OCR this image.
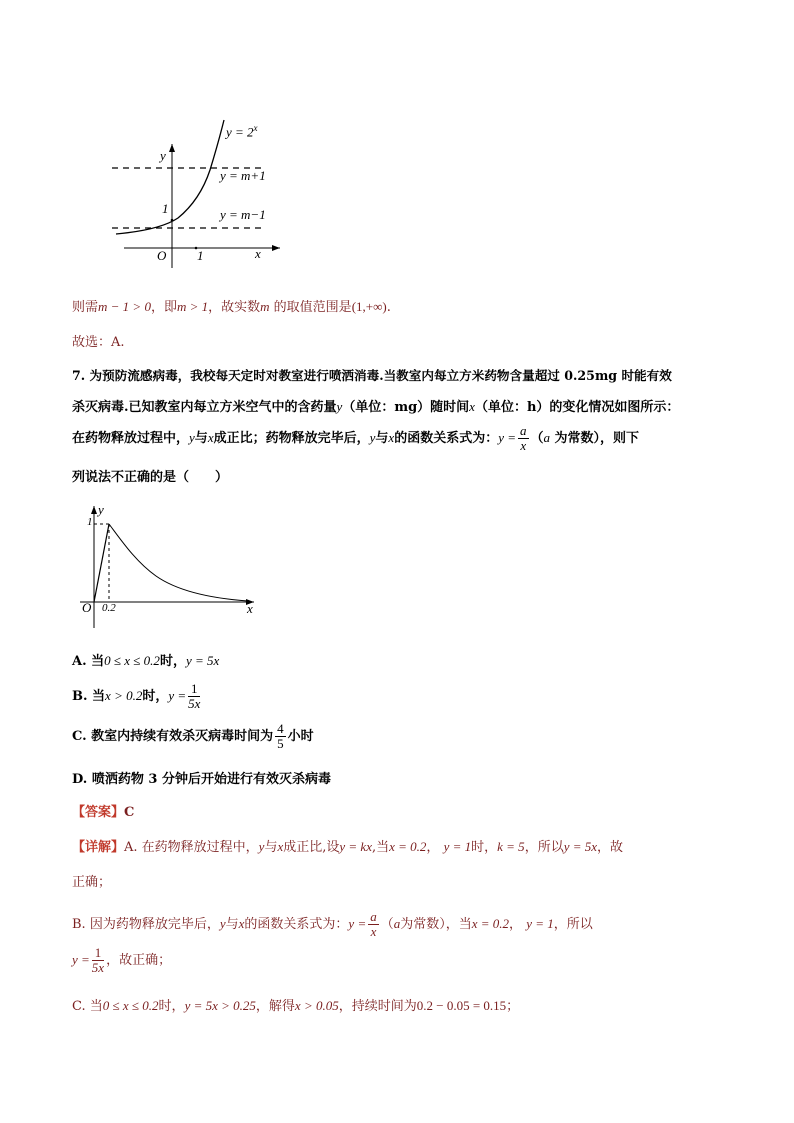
y
x
O
1
1
$y = 2^x$
y = m+1
y = m−1
则需m − 1 > 0，即m > 1，故实数m 的取值范围是(1,+∞).
故选：A.
7. 为预防流感病毒，我校每天定时对教室进行喷洒消毒.当教室内每立方米药物含量超过 0.25mg 时能有效
杀灭病毒.已知教室内每立方米空气中的含药量y（单位：mg）随时间x（单位：h）的变化情况如图所示：
在药物释放过程中，y与x成正比；药物释放完毕后，y与x的函数关系式为：$y = \frac{a}{x} (a$ 为常数），则下
列说法不正确的是（　　）
y
x
O
1
0.2
A. 当0 ≤ x ≤ 0.2时，y = 5x
B. 当x > 0.2时，$y = \frac{1}{5x}$
C. 教室内持续有效杀灭病毒时间为 $\frac{4}{5}$ 小时
D. 喷洒药物 3 分钟后开始进行有效灭杀病毒
【答案】C
【详解】A. 在药物释放过程中，y与x成正比,设y = kx,当x = 0.2， y = 1时，k = 5，所以y = 5x，故
正确；
B. 因为药物释放完毕后，y与x的函数关系式为：$y = \frac{a}{x} (a$为常数），当x = 0.2， y = 1，所以
$y = \frac{1}{5x}$ ，故正确；
C. 当0 ≤ x ≤ 0.2时，y = 5x > 0.25，解得x > 0.05，持续时间为0.2 − 0.05 = 0.15；
